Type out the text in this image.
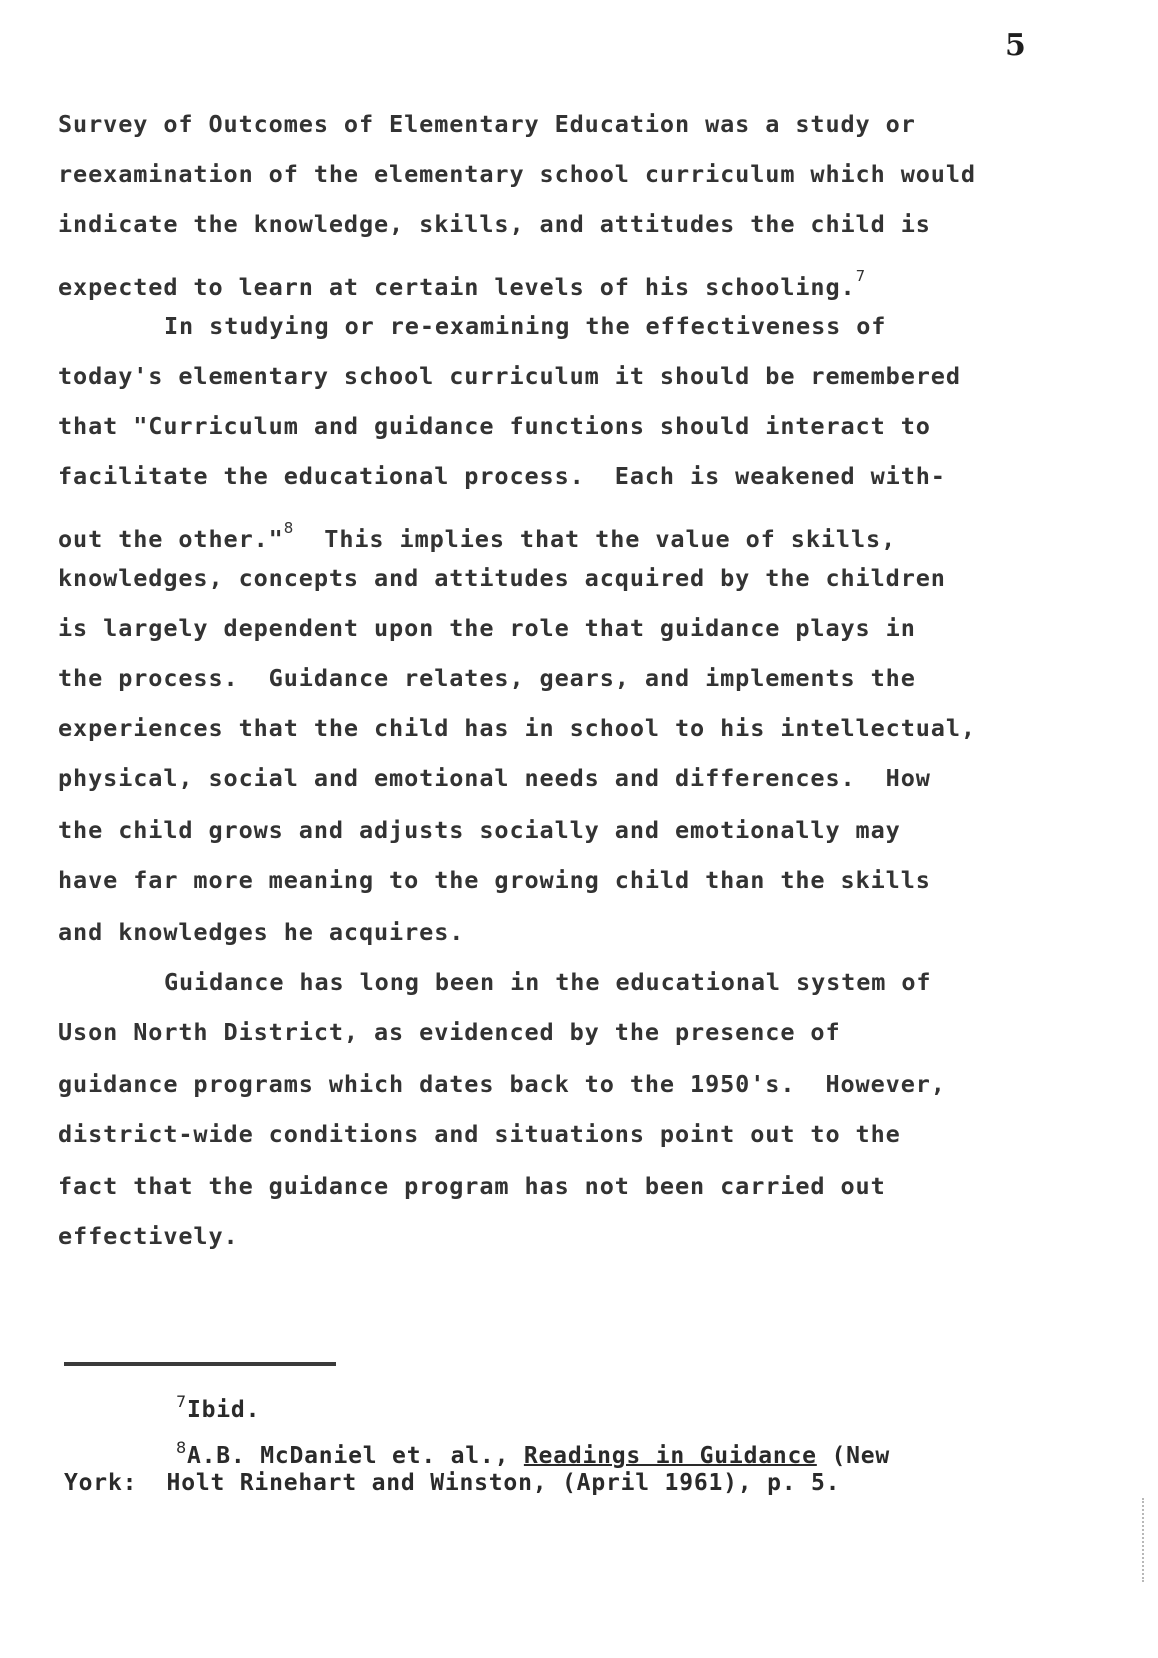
5
Survey of Outcomes of Elementary Education was a study or
reexamination of the elementary school curriculum which would
indicate the knowledge, skills, and attitudes the child is
expected to learn at certain levels of his schooling.$^7$
In studying or re-examining the effectiveness of
today's elementary school curriculum it should be remembered
that "Curriculum and guidance functions should interact to
facilitate the educational process.  Each is weakened with-
out the other."$^8$  This implies that the value of skills,
knowledges, concepts and attitudes acquired by the children
is largely dependent upon the role that guidance plays in
the process.  Guidance relates, gears, and implements the
experiences that the child has in school to his intellectual,
physical, social and emotional needs and differences.  How
the child grows and adjusts socially and emotionally may
have far more meaning to the growing child than the skills
and knowledges he acquires.
Guidance has long been in the educational system of
Uson North District, as evidenced by the presence of
guidance programs which dates back to the 1950's.  However,
district-wide conditions and situations point out to the
fact that the guidance program has not been carried out
effectively.
$^7$Ibid.
$^8$A.B. McDaniel et. al., Readings in Guidance (New
York: Holt Rinehart and Winston, (April 1961), p. 5.
